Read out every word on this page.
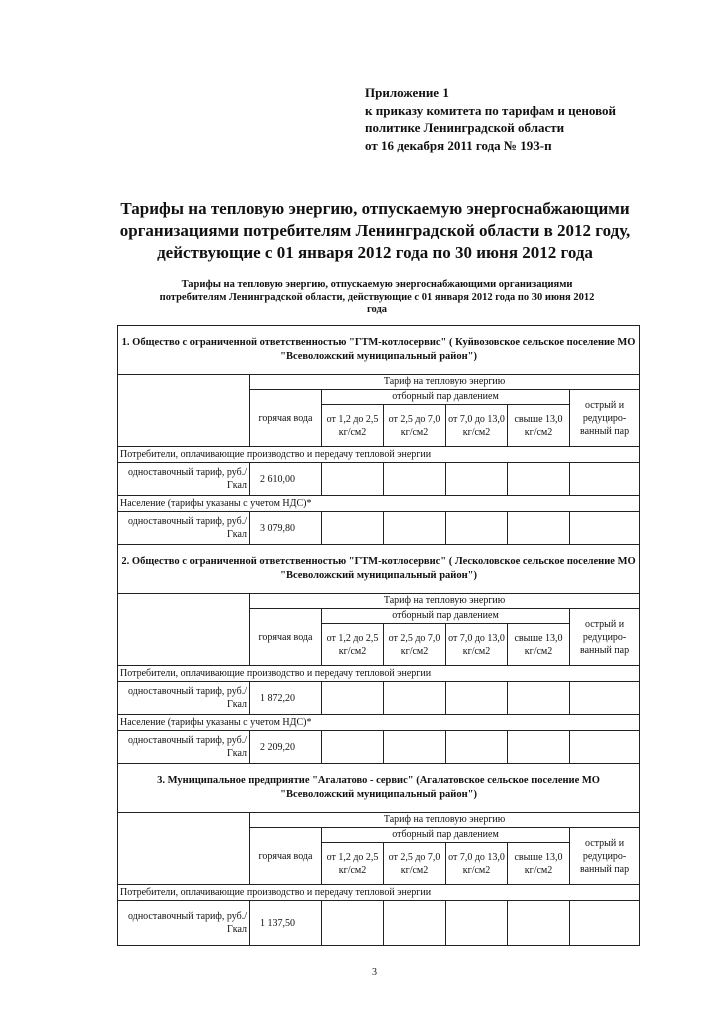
Приложение 1
к приказу комитета по тарифам и ценовой
политике Ленинградской области
от 16 декабря 2011 года № 193-п
Тарифы на тепловую энергию, отпускаемую энергоснабжающими
организациями потребителям Ленинградской области в 2012 году,
действующие с 01 января 2012 года по 30 июня 2012 года
Тарифы на тепловую энергию, отпускаемую энергоснабжающими организациями
потребителям Ленинградской области, действующие с 01 января 2012 года по 30 июня 2012
года
1. Общество с ограниченной ответственностью "ГТМ-котлосервис" ( Куйвозовское сельское поселение МО "Всеволожский муниципальный район")						
	Тариф на тепловую энергию					
	горячая вода	отборный пар давлением				острый и редуциро-ванный пар
		от 1,2 до 2,5 кг/см2	от 2,5 до 7,0 кг/см2	от 7,0 до 13,0 кг/см2	свыше 13,0 кг/см2	
Потребители, оплачивающие производство и передачу тепловой энергии						
одноставочный тариф, руб./Гкал	2 610,00					
Население (тарифы указаны с учетом НДС)*						
одноставочный тариф, руб./Гкал	3 079,80					
2. Общество с ограниченной ответственностью "ГТМ-котлосервис" ( Лесколовское сельское поселение МО "Всеволожский муниципальный район")						
	Тариф на тепловую энергию					
	горячая вода	отборный пар давлением				острый и редуциро-ванный пар
		от 1,2 до 2,5 кг/см2	от 2,5 до 7,0 кг/см2	от 7,0 до 13,0 кг/см2	свыше 13,0 кг/см2	
Потребители, оплачивающие производство и передачу тепловой энергии						
одноставочный тариф, руб./Гкал	1 872,20					
Население (тарифы указаны с учетом НДС)*						
одноставочный тариф, руб./Гкал	2 209,20					
3. Муниципальное предприятие "Агалатово - сервис" (Агалатовское сельское поселение МО "Всеволожский муниципальный район")						
	Тариф на тепловую энергию					
	горячая вода	отборный пар давлением				острый и редуциро-ванный пар
		от 1,2 до 2,5 кг/см2	от 2,5 до 7,0 кг/см2	от 7,0 до 13,0 кг/см2	свыше 13,0 кг/см2	
Потребители, оплачивающие производство и передачу тепловой энергии						
одноставочный тариф, руб./Гкал	1 137,50					
3
